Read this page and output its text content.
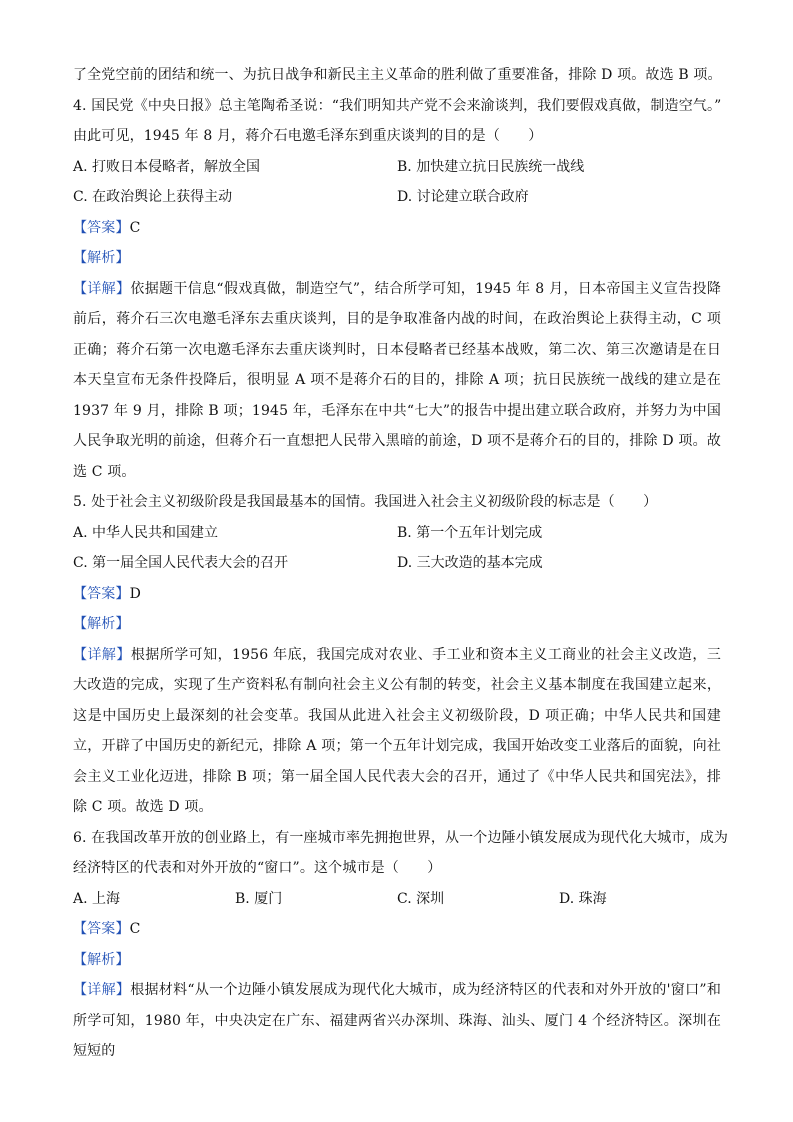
了全党空前的团结和统一、为抗日战争和新民主主义革命的胜利做了重要准备，排除 D 项。故选 B 项。
4. 国民党《中央日报》总主笔陶希圣说：“我们明知共产党不会来渝谈判，我们要假戏真做，制造空气。”
由此可见，1945 年 8 月，蒋介石电邀毛泽东到重庆谈判的目的是（　　）
A. 打败日本侵略者，解放全国	B. 加快建立抗日民族统一战线
C. 在政治舆论上获得主动	D. 讨论建立联合政府
【答案】C
【解析】
【详解】依据题干信息“假戏真做，制造空气”，结合所学可知，1945 年 8 月，日本帝国主义宣告投降前后，蒋介石三次电邀毛泽东去重庆谈判，目的是争取准备内战的时间，在政治舆论上获得主动，C 项正确；蒋介石第一次电邀毛泽东去重庆谈判时，日本侵略者已经基本战败，第二次、第三次邀请是在日本天皇宣布无条件投降后，很明显 A 项不是蒋介石的目的，排除 A 项；抗日民族统一战线的建立是在 1937 年 9 月，排除 B 项；1945 年，毛泽东在中共“七大”的报告中提出建立联合政府，并努力为中国人民争取光明的前途，但蒋介石一直想把人民带入黑暗的前途，D 项不是蒋介石的目的，排除 D 项。故选 C 项。
5. 处于社会主义初级阶段是我国最基本的国情。我国进入社会主义初级阶段的标志是（　　）
A. 中华人民共和国建立	B. 第一个五年计划完成
C. 第一届全国人民代表大会的召开	D. 三大改造的基本完成
【答案】D
【解析】
【详解】根据所学可知，1956 年底，我国完成对农业、手工业和资本主义工商业的社会主义改造，三大改造的完成，实现了生产资料私有制向社会主义公有制的转变，社会主义基本制度在我国建立起来，这是中国历史上最深刻的社会变革。我国从此进入社会主义初级阶段，D 项正确；中华人民共和国建立，开辟了中国历史的新纪元，排除 A 项；第一个五年计划完成，我国开始改变工业落后的面貌，向社会主义工业化迈进，排除 B 项；第一届全国人民代表大会的召开，通过了《中华人民共和国宪法》，排除 C 项。故选 D 项。
6. 在我国改革开放的创业路上，有一座城市率先拥抱世界，从一个边陲小镇发展成为现代化大城市，成为
经济特区的代表和对外开放的“窗口”。这个城市是（　　）
A. 上海	B. 厦门	C. 深圳	D. 珠海
【答案】C
【解析】
【详解】根据材料“从一个边陲小镇发展成为现代化大城市，成为经济特区的代表和对外开放的'窗口”和所学可知，1980 年，中央决定在广东、福建两省兴办深圳、珠海、汕头、厦门 4 个经济特区。深圳在短短的
